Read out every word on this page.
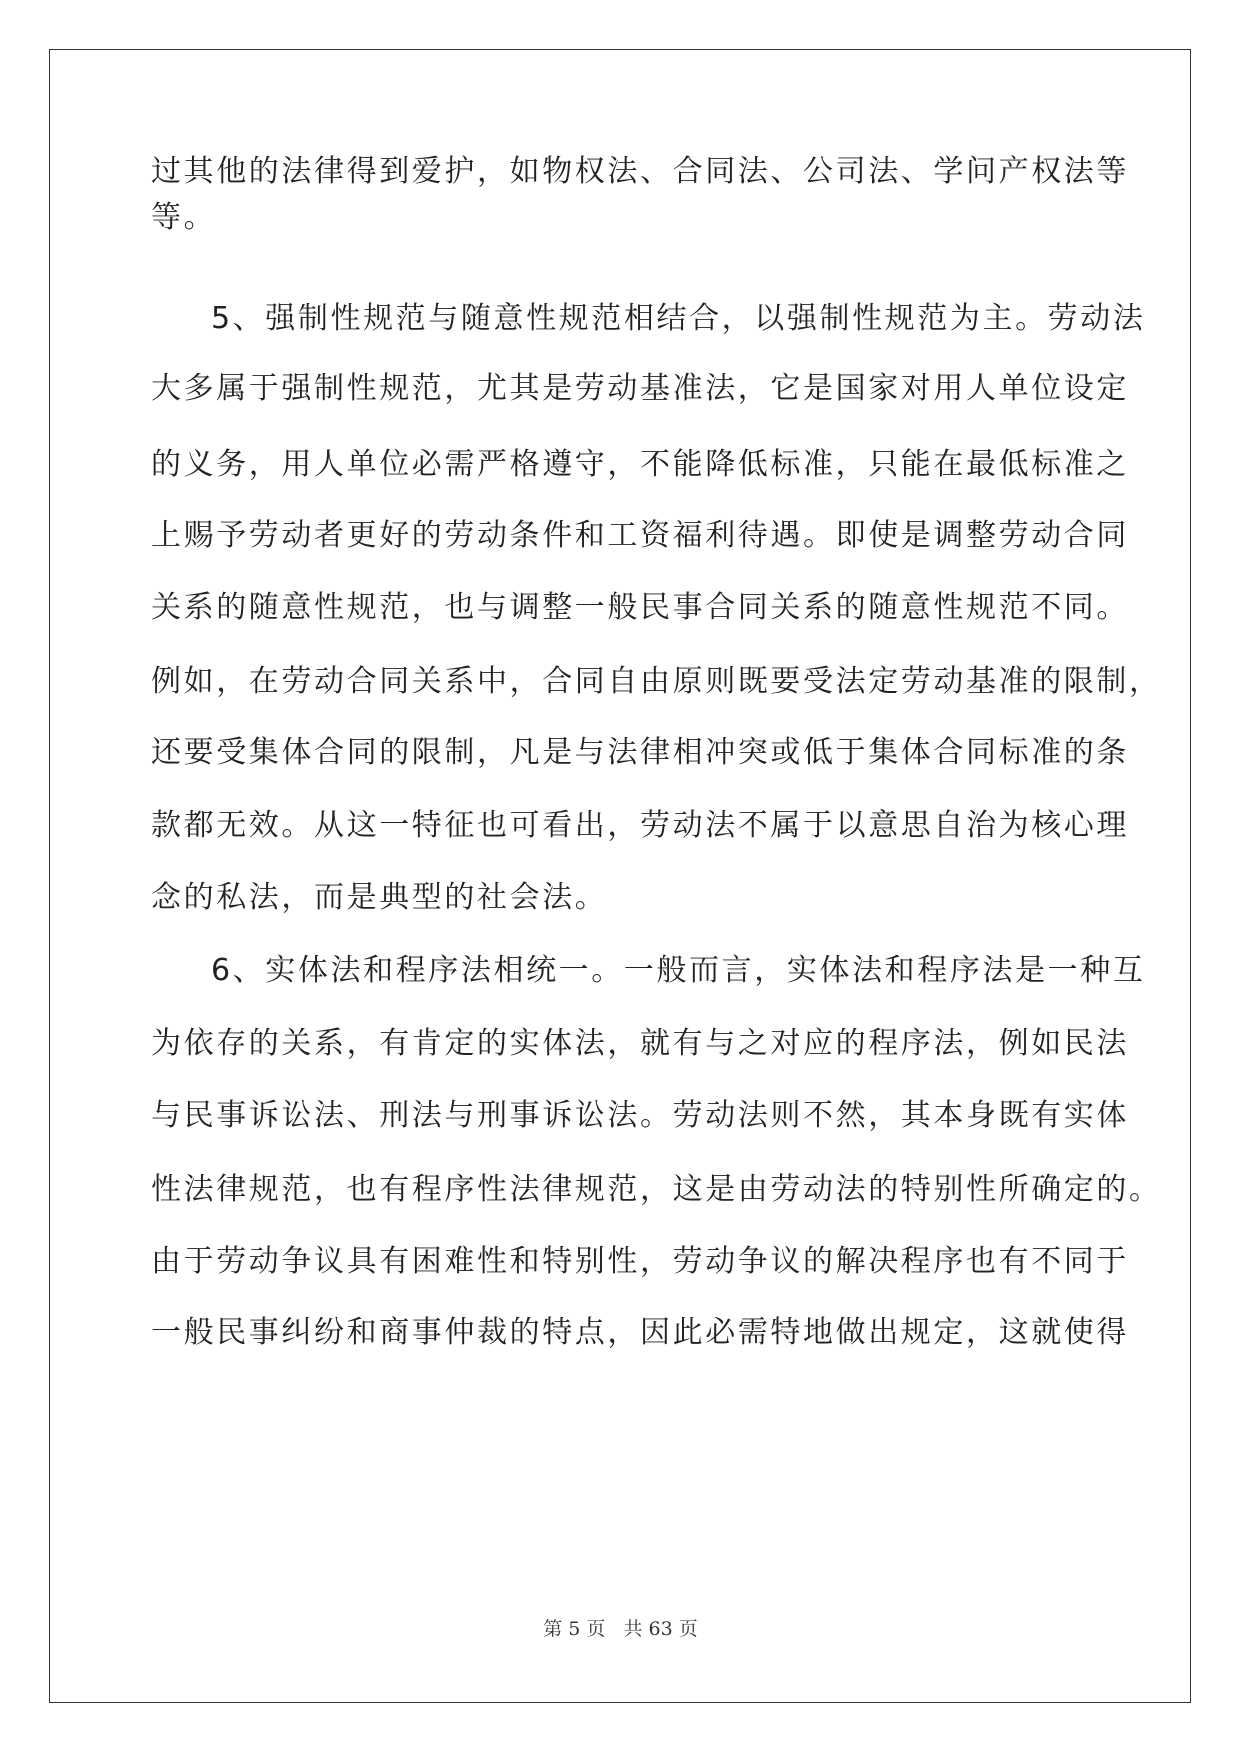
过其他的法律得到爱护，如物权法、合同法、公司法、学问产权法等
等。
5、强制性规范与随意性规范相结合，以强制性规范为主。劳动法
大多属于强制性规范，尤其是劳动基准法，它是国家对用人单位设定
的义务，用人单位必需严格遵守，不能降低标准，只能在最低标准之
上赐予劳动者更好的劳动条件和工资福利待遇。即使是调整劳动合同
关系的随意性规范，也与调整一般民事合同关系的随意性规范不同。
例如，在劳动合同关系中，合同自由原则既要受法定劳动基准的限制，
还要受集体合同的限制，凡是与法律相冲突或低于集体合同标准的条
款都无效。从这一特征也可看出，劳动法不属于以意思自治为核心理
念的私法，而是典型的社会法。
6、实体法和程序法相统一。一般而言，实体法和程序法是一种互
为依存的关系，有肯定的实体法，就有与之对应的程序法，例如民法
与民事诉讼法、刑法与刑事诉讼法。劳动法则不然，其本身既有实体
性法律规范，也有程序性法律规范，这是由劳动法的特别性所确定的。
由于劳动争议具有困难性和特别性，劳动争议的解决程序也有不同于
一般民事纠纷和商事仲裁的特点，因此必需特地做出规定，这就使得
第 5 页   共 63 页
